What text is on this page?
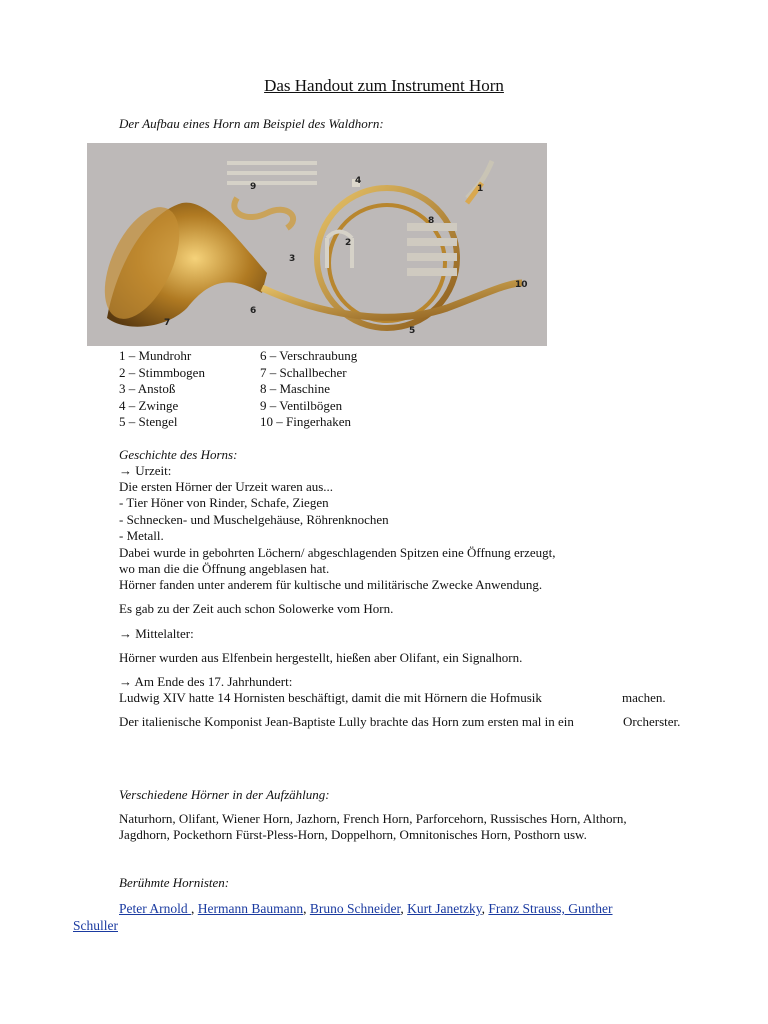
Das Handout zum Instrument Horn
Der Aufbau eines Horn am Beispiel des Waldhorn:
1
2
3
4
5
6
7
8
9
10
1 – Mundrohr	6 – Verschraubung
2 – Stimmbogen	7 – Schallbecher
3 – Anstoß	8 – Maschine
4 – Zwinge	9 – Ventilbögen
5 – Stengel	10 – Fingerhaken
Geschichte des Horns:
→ Urzeit:
Die ersten Hörner der Urzeit waren aus...
- Tier Höner von Rinder, Schafe, Ziegen
- Schnecken- und Muschelgehäuse, Röhrenknochen
- Metall.
Dabei wurde in gebohrten Löchern/ abgeschlagenden Spitzen eine Öffnung erzeugt,
wo man die die Öffnung angeblasen hat.
Hörner fanden unter anderem für kultische und militärische Zwecke Anwendung.
Es gab zu der Zeit auch schon Solowerke vom Horn.
→ Mittelalter:
Hörner wurden aus Elfenbein hergestellt, hießen aber Olifant, ein Signalhorn.
→ Am Ende des 17. Jahrhundert:
Ludwig XIV hatte 14 Hornisten beschäftigt, damit die mit Hörnern die Hofmusik	machen.
Der italienische Komponist Jean-Baptiste Lully brachte das Horn zum ersten mal in ein	Orcherster.
Verschiedene Hörner in der Aufzählung:
Naturhorn, Olifant, Wiener Horn, Jazhorn, French Horn, Parforcehorn, Russisches Horn, Althorn,
Jagdhorn, Pockethorn Fürst-Pless-Horn, Doppelhorn, Omnitonisches Horn, Posthorn usw.
Berühmte Hornisten:
Peter Arnold , Hermann Baumann, Bruno Schneider, Kurt Janetzky, Franz Strauss, Gunther
Schuller
